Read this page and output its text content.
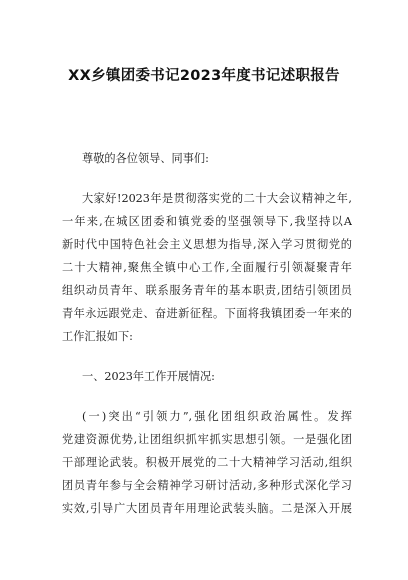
XX乡镇团委书记2023年度书记述职报告
尊敬的各位领导、同事们:
大家好!2023年是贯彻落实党的二十大会议精神之年,
一年来,在城区团委和镇党委的坚强领导下,我坚持以A
新时代中国特色社会主义思想为指导,深入学习贯彻党的
二十大精神,聚焦全镇中心工作,全面履行引领凝聚青年
组织动员青年、联系服务青年的基本职责,团结引领团员
青年永远跟党走、奋进新征程。下面将我镇团委一年来的
工作汇报如下:
一、2023年工作开展情况:
(一)突出“引领力”,强化团组织政治属性。发挥
党建资源优势,让团组织抓牢抓实思想引领。一是强化团
干部理论武装。积极开展党的二十大精神学习活动,组织
团员青年参与全会精神学习研讨活动,多种形式深化学习
实效,引导广大团员青年用理论武装头脑。二是深入开展
